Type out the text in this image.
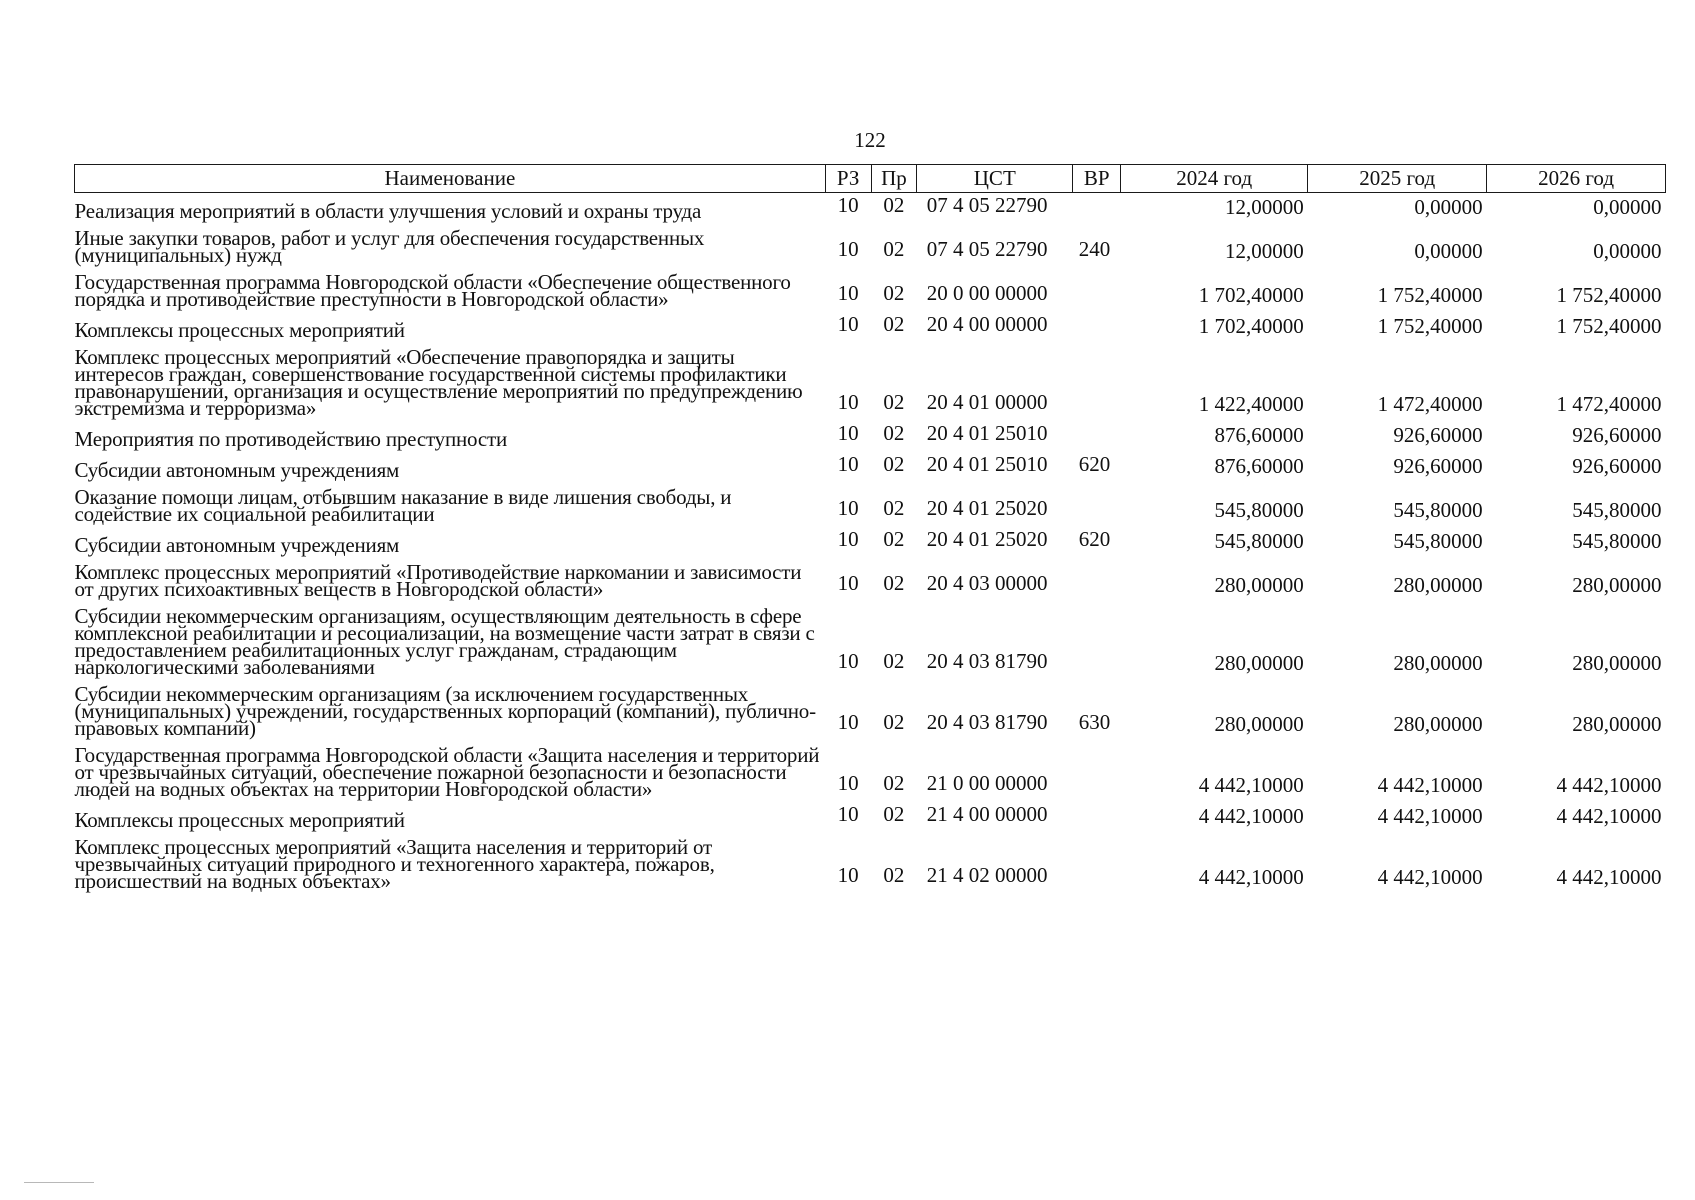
122
Наименование	РЗ	Пр	ЦСТ	ВР	2024 год	2025 год	2026 год
Реализация мероприятий в области улучшения условий и охраны труда	10	02	07 4 05 22790		12,00000	0,00000	0,00000
Иные закупки товаров, работ и услуг для обеспечения государственных (муниципальных) нужд	10	02	07 4 05 22790	240	12,00000	0,00000	0,00000
Государственная программа Новгородской области «Обеспечение общественного порядка и противодействие преступности в Новгородской области»	10	02	20 0 00 00000		1 702,40000	1 752,40000	1 752,40000
Комплексы процессных мероприятий	10	02	20 4 00 00000		1 702,40000	1 752,40000	1 752,40000
Комплекс процессных мероприятий «Обеспечение правопорядка и защиты интересов граждан, совершенствование государственной системы профилактики правонарушений, организация и осуществление мероприятий по предупреждению экстремизма и терроризма»	10	02	20 4 01 00000		1 422,40000	1 472,40000	1 472,40000
Мероприятия по противодействию преступности	10	02	20 4 01 25010		876,60000	926,60000	926,60000
Субсидии автономным учреждениям	10	02	20 4 01 25010	620	876,60000	926,60000	926,60000
Оказание помощи лицам, отбывшим наказание в виде лишения свободы, и содействие их социальной реабилитации	10	02	20 4 01 25020		545,80000	545,80000	545,80000
Субсидии автономным учреждениям	10	02	20 4 01 25020	620	545,80000	545,80000	545,80000
Комплекс процессных мероприятий «Противодействие наркомании и зависимости от других психоактивных веществ в Новгородской области»	10	02	20 4 03 00000		280,00000	280,00000	280,00000
Субсидии некоммерческим организациям, осуществляющим деятельность в сфере комплексной реабилитации и ресоциализации, на возмещение части затрат в связи с предоставлением реабилитационных услуг гражданам, страдающим наркологическими заболеваниями	10	02	20 4 03 81790		280,00000	280,00000	280,00000
Субсидии некоммерческим организациям (за исключением государственных (муниципальных) учреждений, государственных корпораций (компаний), публично-правовых компаний)	10	02	20 4 03 81790	630	280,00000	280,00000	280,00000
Государственная программа Новгородской области «Защита населения и территорий от чрезвычайных ситуаций, обеспечение пожарной безопасности и безопасности людей на водных объектах на территории Новгородской области»	10	02	21 0 00 00000		4 442,10000	4 442,10000	4 442,10000
Комплексы процессных мероприятий	10	02	21 4 00 00000		4 442,10000	4 442,10000	4 442,10000
Комплекс процессных мероприятий «Защита населения и территорий от чрезвычайных ситуаций природного и техногенного характера, пожаров, происшествий на водных объектах»	10	02	21 4 02 00000		4 442,10000	4 442,10000	4 442,10000
